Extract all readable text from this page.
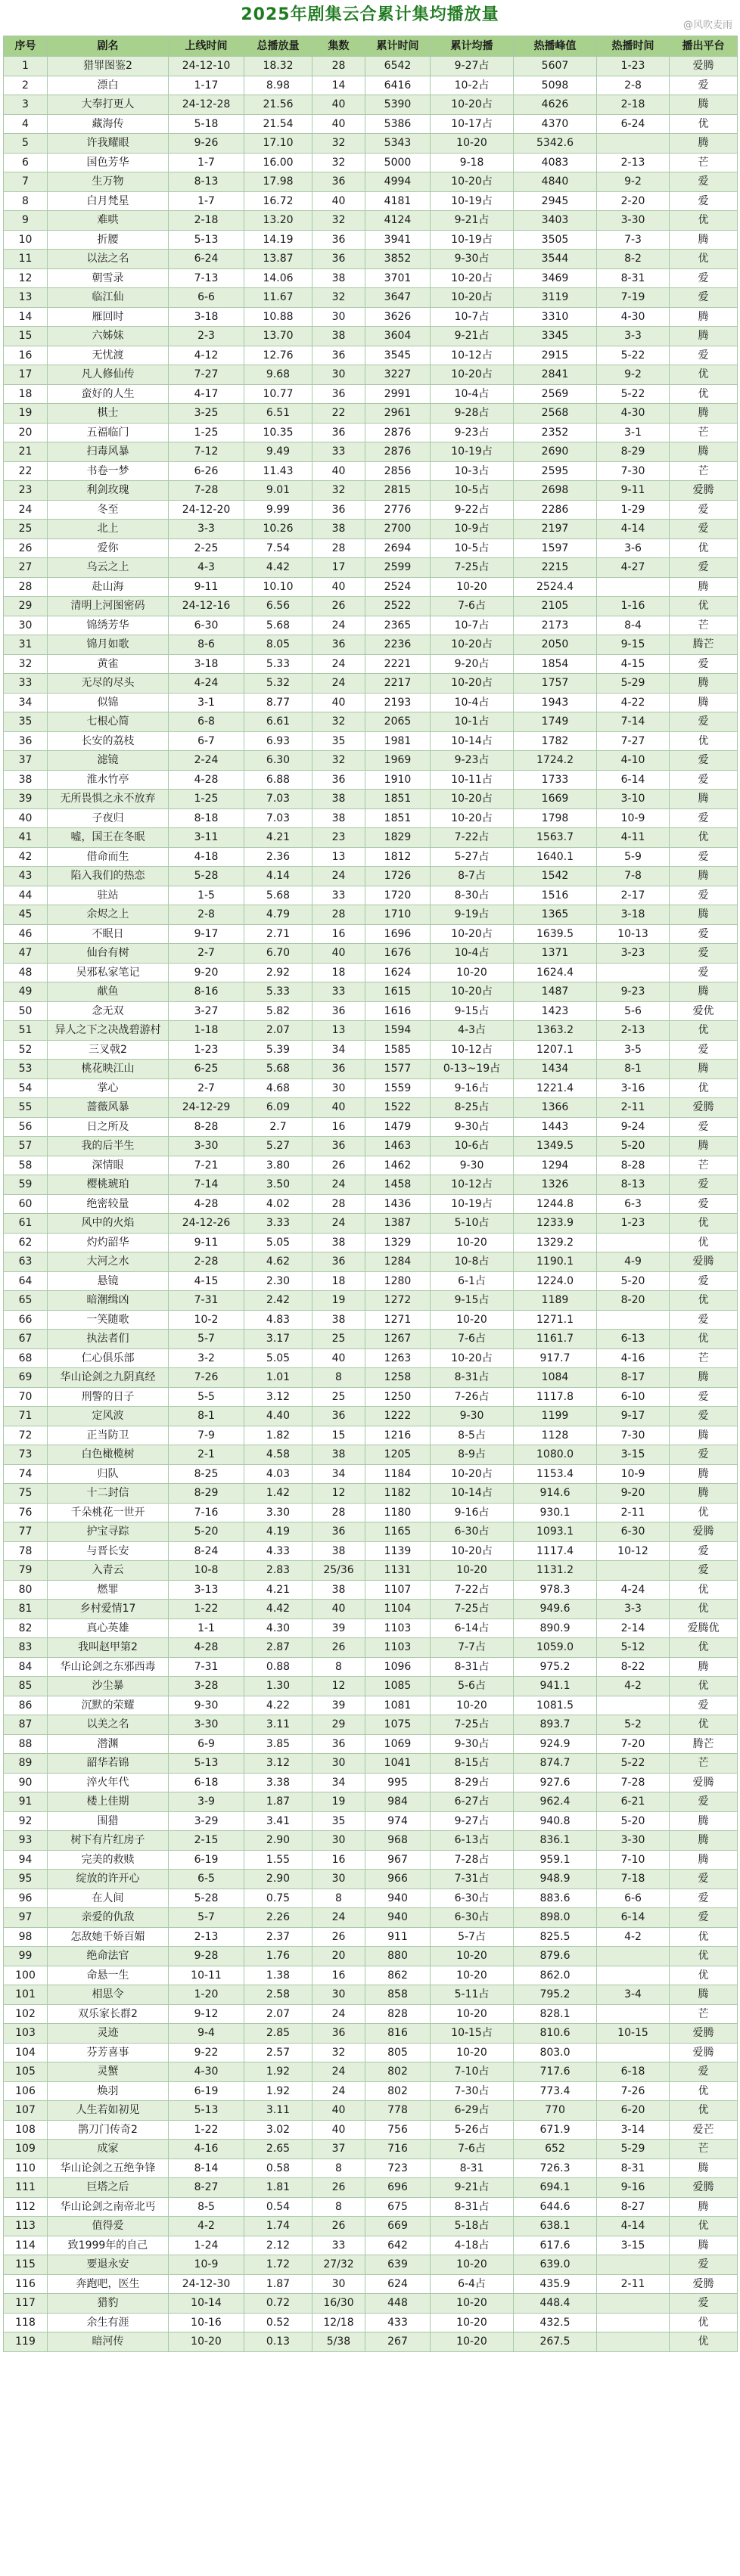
2025年剧集云合累计集均播放量
@风吹麦雨
序号	剧名	上线时间	总播放量	集数	累计时间	累计均播	热播峰值	热播时间	播出平台
1	猎罪图鉴2	24-12-10	18.32	28	6542	9-27占	5607	1-23	爱腾
2	漂白	1-17	8.98	14	6416	10-2占	5098	2-8	爱
3	大奉打更人	24-12-28	21.56	40	5390	10-20占	4626	2-18	腾
4	藏海传	5-18	21.54	40	5386	10-17占	4370	6-24	优
5	许我耀眼	9-26	17.10	32	5343	10-20	5342.6		腾
6	国色芳华	1-7	16.00	32	5000	9-18	4083	2-13	芒
7	生万物	8-13	17.98	36	4994	10-20占	4840	9-2	爱
8	白月梵星	1-7	16.72	40	4181	10-19占	2945	2-20	爱
9	难哄	2-18	13.20	32	4124	9-21占	3403	3-30	优
10	折腰	5-13	14.19	36	3941	10-19占	3505	7-3	腾
11	以法之名	6-24	13.87	36	3852	9-30占	3544	8-2	优
12	朝雪录	7-13	14.06	38	3701	10-20占	3469	8-31	爱
13	临江仙	6-6	11.67	32	3647	10-20占	3119	7-19	爱
14	雁回时	3-18	10.88	30	3626	10-7占	3310	4-30	腾
15	六姊妹	2-3	13.70	38	3604	9-21占	3345	3-3	腾
16	无忧渡	4-12	12.76	36	3545	10-12占	2915	5-22	爱
17	凡人修仙传	7-27	9.68	30	3227	10-20占	2841	9-2	优
18	蛮好的人生	4-17	10.77	36	2991	10-4占	2569	5-22	优
19	棋士	3-25	6.51	22	2961	9-28占	2568	4-30	腾
20	五福临门	1-25	10.35	36	2876	9-23占	2352	3-1	芒
21	扫毒风暴	7-12	9.49	33	2876	10-19占	2690	8-29	腾
22	书卷一梦	6-26	11.43	40	2856	10-3占	2595	7-30	芒
23	利剑玫瑰	7-28	9.01	32	2815	10-5占	2698	9-11	爱腾
24	冬至	24-12-20	9.99	36	2776	9-22占	2286	1-29	爱
25	北上	3-3	10.26	38	2700	10-9占	2197	4-14	爱
26	爱你	2-25	7.54	28	2694	10-5占	1597	3-6	优
27	乌云之上	4-3	4.42	17	2599	7-25占	2215	4-27	爱
28	赴山海	9-11	10.10	40	2524	10-20	2524.4		腾
29	清明上河图密码	24-12-16	6.56	26	2522	7-6占	2105	1-16	优
30	锦绣芳华	6-30	5.68	24	2365	10-7占	2173	8-4	芒
31	锦月如歌	8-6	8.05	36	2236	10-20占	2050	9-15	腾芒
32	黄雀	3-18	5.33	24	2221	9-20占	1854	4-15	爱
33	无尽的尽头	4-24	5.32	24	2217	10-20占	1757	5-29	腾
34	似锦	3-1	8.77	40	2193	10-4占	1943	4-22	腾
35	七根心简	6-8	6.61	32	2065	10-1占	1749	7-14	爱
36	长安的荔枝	6-7	6.93	35	1981	10-14占	1782	7-27	优
37	滤镜	2-24	6.30	32	1969	9-23占	1724.2	4-10	爱
38	淮水竹亭	4-28	6.88	36	1910	10-11占	1733	6-14	爱
39	无所畏惧之永不放弃	1-25	7.03	38	1851	10-20占	1669	3-10	腾
40	子夜归	8-18	7.03	38	1851	10-20占	1798	10-9	爱
41	嘘，国王在冬眠	3-11	4.21	23	1829	7-22占	1563.7	4-11	优
42	借命而生	4-18	2.36	13	1812	5-27占	1640.1	5-9	爱
43	陷入我们的热恋	5-28	4.14	24	1726	8-7占	1542	7-8	腾
44	驻站	1-5	5.68	33	1720	8-30占	1516	2-17	爱
45	余烬之上	2-8	4.79	28	1710	9-19占	1365	3-18	腾
46	不眠日	9-17	2.71	16	1696	10-20占	1639.5	10-13	爱
47	仙台有树	2-7	6.70	40	1676	10-4占	1371	3-23	爱
48	吴邪私家笔记	9-20	2.92	18	1624	10-20	1624.4		爱
49	献鱼	8-16	5.33	33	1615	10-20占	1487	9-23	腾
50	念无双	3-27	5.82	36	1616	9-15占	1423	5-6	爱优
51	异人之下之决战碧游村	1-18	2.07	13	1594	4-3占	1363.2	2-13	优
52	三叉戟2	1-23	5.39	34	1585	10-12占	1207.1	3-5	爱
53	桃花映江山	6-25	5.68	36	1577	0-13~19占	1434	8-1	腾
54	掌心	2-7	4.68	30	1559	9-16占	1221.4	3-16	优
55	蔷薇风暴	24-12-29	6.09	40	1522	8-25占	1366	2-11	爱腾
56	日之所及	8-28	2.7	16	1479	9-30占	1443	9-24	爱
57	我的后半生	3-30	5.27	36	1463	10-6占	1349.5	5-20	腾
58	深情眼	7-21	3.80	26	1462	9-30	1294	8-28	芒
59	樱桃琥珀	7-14	3.50	24	1458	10-12占	1326	8-13	爱
60	绝密较量	4-28	4.02	28	1436	10-19占	1244.8	6-3	爱
61	风中的火焰	24-12-26	3.33	24	1387	5-10占	1233.9	1-23	优
62	灼灼韶华	9-11	5.05	38	1329	10-20	1329.2		优
63	大河之水	2-28	4.62	36	1284	10-8占	1190.1	4-9	爱腾
64	悬镜	4-15	2.30	18	1280	6-1占	1224.0	5-20	爱
65	暗潮缉凶	7-31	2.42	19	1272	9-15占	1189	8-20	优
66	一笑随歌	10-2	4.83	38	1271	10-20	1271.1		爱
67	执法者们	5-7	3.17	25	1267	7-6占	1161.7	6-13	优
68	仁心俱乐部	3-2	5.05	40	1263	10-20占	917.7	4-16	芒
69	华山论剑之九阴真经	7-26	1.01	8	1258	8-31占	1084	8-17	腾
70	刑警的日子	5-5	3.12	25	1250	7-26占	1117.8	6-10	爱
71	定风波	8-1	4.40	36	1222	9-30	1199	9-17	爱
72	正当防卫	7-9	1.82	15	1216	8-5占	1128	7-30	腾
73	白色橄榄树	2-1	4.58	38	1205	8-9占	1080.0	3-15	爱
74	归队	8-25	4.03	34	1184	10-20占	1153.4	10-9	腾
75	十二封信	8-29	1.42	12	1182	10-14占	914.6	9-20	腾
76	千朵桃花一世开	7-16	3.30	28	1180	9-16占	930.1	2-11	优
77	护宝寻踪	5-20	4.19	36	1165	6-30占	1093.1	6-30	爱腾
78	与晋长安	8-24	4.33	38	1139	10-20占	1117.4	10-12	爱
79	入青云	10-8	2.83	25/36	1131	10-20	1131.2		爱
80	燃罪	3-13	4.21	38	1107	7-22占	978.3	4-24	优
81	乡村爱情17	1-22	4.42	40	1104	7-25占	949.6	3-3	优
82	真心英雄	1-1	4.30	39	1103	6-14占	890.9	2-14	爱腾优
83	我叫赵甲第2	4-28	2.87	26	1103	7-7占	1059.0	5-12	优
84	华山论剑之东邪西毒	7-31	0.88	8	1096	8-31占	975.2	8-22	腾
85	沙尘暴	3-28	1.30	12	1085	5-6占	941.1	4-2	优
86	沉默的荣耀	9-30	4.22	39	1081	10-20	1081.5		爱
87	以美之名	3-30	3.11	29	1075	7-25占	893.7	5-2	优
88	潜渊	6-9	3.85	36	1069	9-30占	924.9	7-20	腾芒
89	韶华若锦	5-13	3.12	30	1041	8-15占	874.7	5-22	芒
90	淬火年代	6-18	3.38	34	995	8-29占	927.6	7-28	爱腾
91	楼上佳期	3-9	1.87	19	984	6-27占	962.4	6-21	爱
92	围猎	3-29	3.41	35	974	9-27占	940.8	5-20	腾
93	树下有片红房子	2-15	2.90	30	968	6-13占	836.1	3-30	腾
94	完美的救赎	6-19	1.55	16	967	7-28占	959.1	7-10	腾
95	绽放的许开心	6-5	2.90	30	966	7-31占	948.9	7-18	爱
96	在人间	5-28	0.75	8	940	6-30占	883.6	6-6	爱
97	亲爱的仇敌	5-7	2.26	24	940	6-30占	898.0	6-14	爱
98	怎敌她千娇百媚	2-13	2.37	26	911	5-7占	825.5	4-2	优
99	绝命法官	9-28	1.76	20	880	10-20	879.6		优
100	命悬一生	10-11	1.38	16	862	10-20	862.0		优
101	相思令	1-20	2.58	30	858	5-11占	795.2	3-4	腾
102	双乐家长群2	9-12	2.07	24	828	10-20	828.1		芒
103	灵迹	9-4	2.85	36	816	10-15占	810.6	10-15	爱腾
104	芬芳喜事	9-22	2.57	32	805	10-20	803.0		爱腾
105	灵蟹	4-30	1.92	24	802	7-10占	717.6	6-18	爱
106	焕羽	6-19	1.92	24	802	7-30占	773.4	7-26	优
107	人生若如初见	5-13	3.11	40	778	6-29占	770	6-20	优
108	鹊刀门传奇2	1-22	3.02	40	756	5-26占	671.9	3-14	爱芒
109	成家	4-16	2.65	37	716	7-6占	652	5-29	芒
110	华山论剑之五绝争锋	8-14	0.58	8	723	8-31	726.3	8-31	腾
111	巨塔之后	8-27	1.81	26	696	9-21占	694.1	9-16	爱腾
112	华山论剑之南帝北丐	8-5	0.54	8	675	8-31占	644.6	8-27	腾
113	值得爱	4-2	1.74	26	669	5-18占	638.1	4-14	优
114	致1999年的自己	1-24	2.12	33	642	4-18占	617.6	3-15	腾
115	要退永安	10-9	1.72	27/32	639	10-20	639.0		爱
116	奔跑吧，医生	24-12-30	1.87	30	624	6-4占	435.9	2-11	爱腾
117	猎豹	10-14	0.72	16/30	448	10-20	448.4		爱
118	余生有涯	10-16	0.52	12/18	433	10-20	432.5		优
119	暗河传	10-20	0.13	5/38	267	10-20	267.5		优
